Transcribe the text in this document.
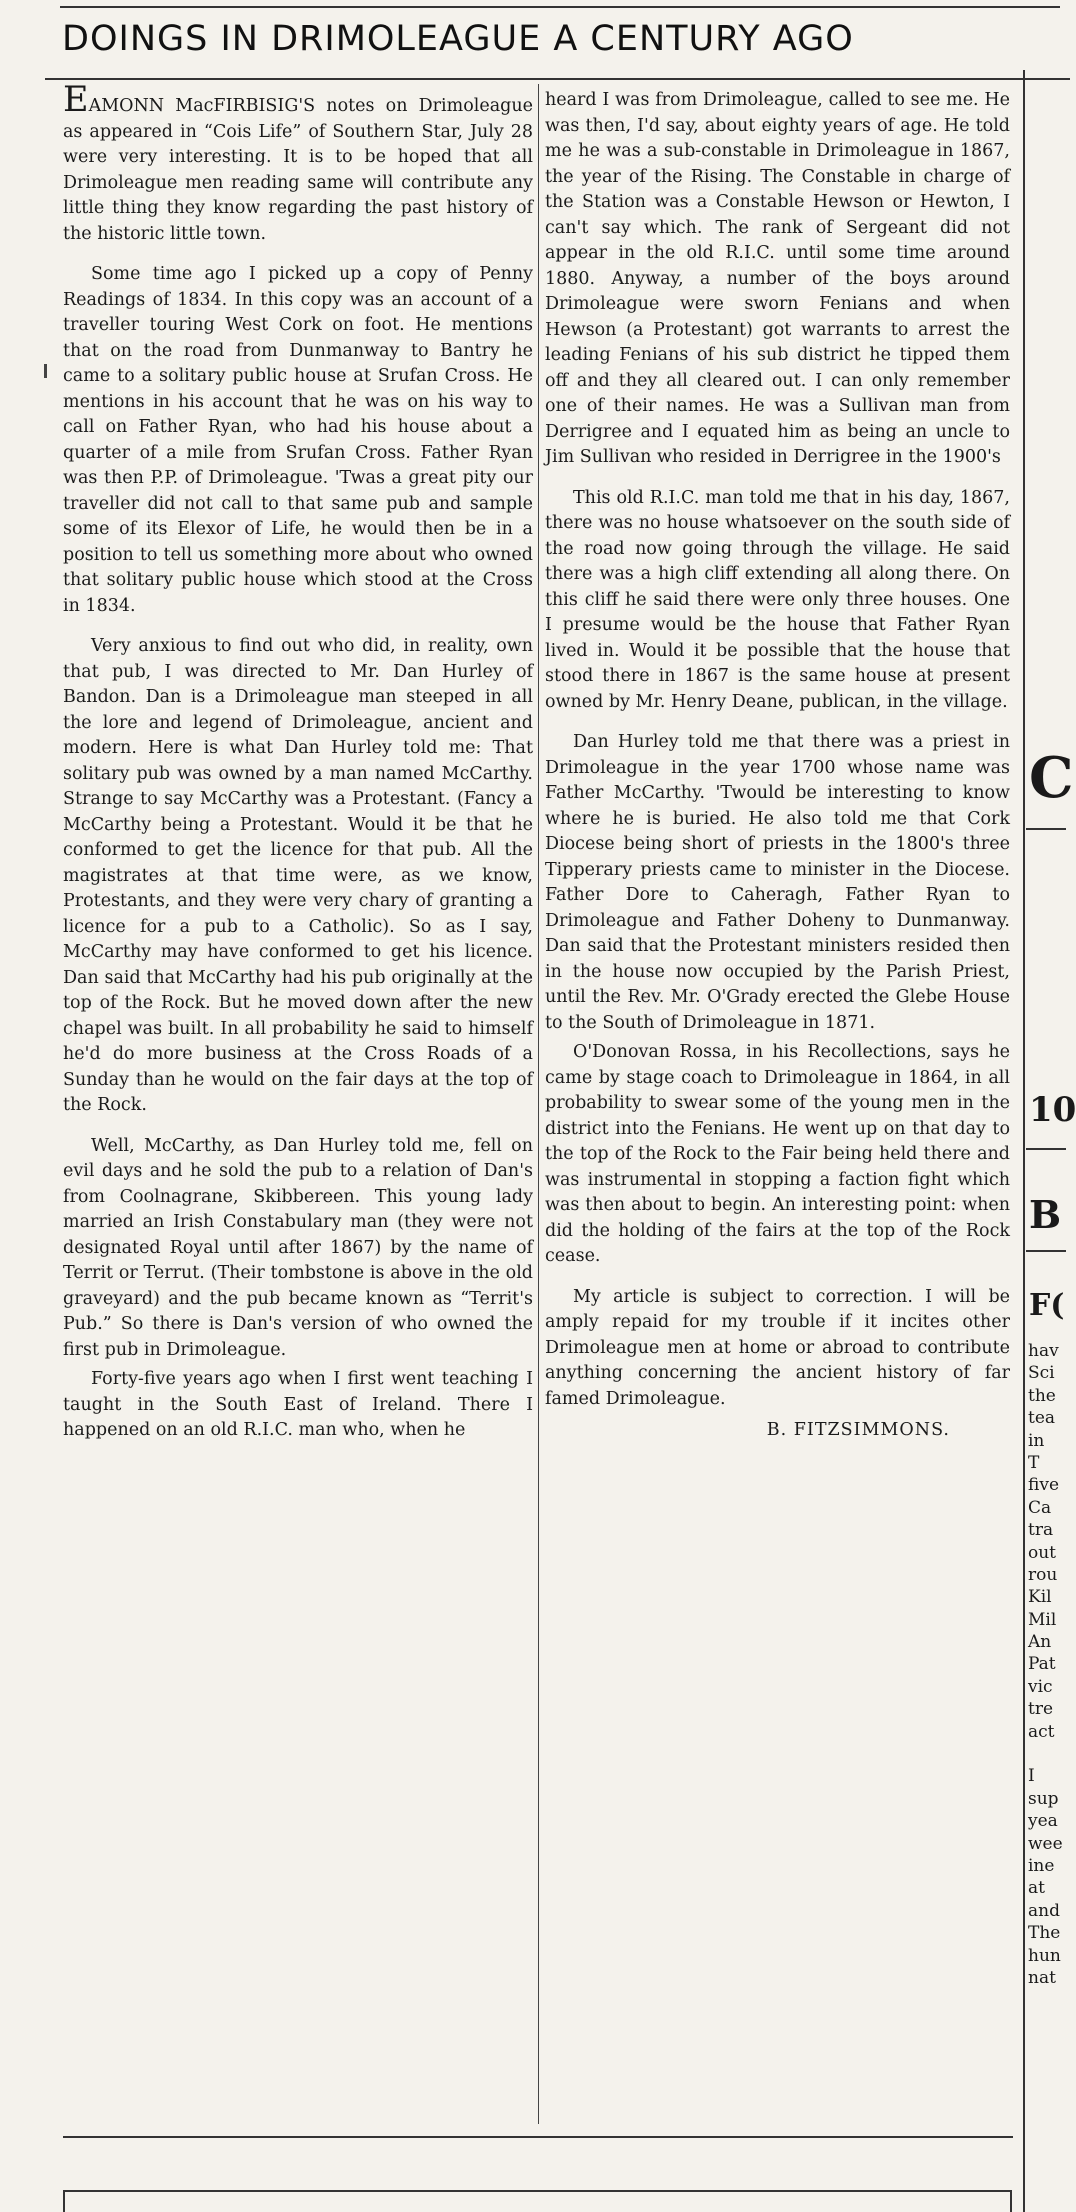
DOINGS IN DRIMOLEAGUE A CENTURY AGO

EAMONN MacFIRBISIG'S notes on Drimoleague as appeared in “Cois Life” of Southern Star, July 28 were very interesting. It is to be hoped that all Drimoleague men reading same will contribute any little thing they know regarding the past history of the historic little town.

Some time ago I picked up a copy of Penny Readings of 1834. In this copy was an account of a traveller touring West Cork on foot. He mentions that on the road from Dunmanway to Bantry he came to a solitary public house at Srufan Cross. He mentions in his account that he was on his way to call on Father Ryan, who had his house about a quarter of a mile from Srufan Cross. Father Ryan was then P.P. of Drimoleague. 'Twas a great pity our traveller did not call to that same pub and sample some of its Elexor of Life, he would then be in a position to tell us something more about who owned that solitary public house which stood at the Cross in 1834.

Very anxious to find out who did, in reality, own that pub, I was directed to Mr. Dan Hurley of Bandon. Dan is a Drimoleague man steeped in all the lore and legend of Drimoleague, ancient and modern. Here is what Dan Hurley told me: That solitary pub was owned by a man named McCarthy. Strange to say McCarthy was a Protestant. (Fancy a McCarthy being a Protestant. Would it be that he conformed to get the licence for that pub. All the magistrates at that time were, as we know, Protestants, and they were very chary of granting a licence for a pub to a Catholic). So as I say, McCarthy may have conformed to get his licence. Dan said that McCarthy had his pub originally at the top of the Rock. But he moved down after the new chapel was built. In all probability he said to himself he'd do more business at the Cross Roads of a Sunday than he would on the fair days at the top of the Rock.

Well, McCarthy, as Dan Hurley told me, fell on evil days and he sold the pub to a relation of Dan's from Coolnagrane, Skibbereen. This young lady married an Irish Constabulary man (they were not designated Royal until after 1867) by the name of Territ or Terrut. (Their tombstone is above in the old graveyard) and the pub became known as “Territ's Pub.” So there is Dan's version of who owned the first pub in Drimoleague.

Forty-five years ago when I first went teaching I taught in the South East of Ireland. There I happened on an old R.I.C. man who, when he

heard I was from Drimoleague, called to see me. He was then, I'd say, about eighty years of age. He told me he was a sub-constable in Drimoleague in 1867, the year of the Rising. The Constable in charge of the Station was a Constable Hewson or Hewton, I can't say which. The rank of Sergeant did not appear in the old R.I.C. until some time around 1880. Anyway, a number of the boys around Drimoleague were sworn Fenians and when Hewson (a Protestant) got warrants to arrest the leading Fenians of his sub district he tipped them off and they all cleared out. I can only remember one of their names. He was a Sullivan man from Derrigree and I equated him as being an uncle to Jim Sullivan who resided in Derrigree in the 1900's

This old R.I.C. man told me that in his day, 1867, there was no house whatsoever on the south side of the road now going through the village. He said there was a high cliff extending all along there. On this cliff he said there were only three houses. One I presume would be the house that Father Ryan lived in. Would it be possible that the house that stood there in 1867 is the same house at present owned by Mr. Henry Deane, publican, in the village.

Dan Hurley told me that there was a priest in Drimoleague in the year 1700 whose name was Father McCarthy. 'Twould be interesting to know where he is buried. He also told me that Cork Diocese being short of priests in the 1800's three Tipperary priests came to minister in the Diocese. Father Dore to Caheragh, Father Ryan to Drimoleague and Father Doheny to Dunmanway. Dan said that the Protestant ministers resided then in the house now occupied by the Parish Priest, until the Rev. Mr. O'Grady erected the Glebe House to the South of Drimoleague in 1871.

O'Donovan Rossa, in his Recollections, says he came by stage coach to Drimoleague in 1864, in all probability to swear some of the young men in the district into the Fenians. He went up on that day to the top of the Rock to the Fair being held there and was instrumental in stopping a faction fight which was then about to begin. An interesting point: when did the holding of the fairs at the top of the Rock cease.

My article is subject to correction. I will be amply repaid for my trouble if it incites other Drimoleague men at home or abroad to contribute anything concerning the ancient history of far famed Drimoleague.

B. FITZSIMMONS.
C
10
B
F(
hav
Sci
the
tea
in
T
five
Ca
tra
out
rou
Kil
Mil
An
Pat
vic
tre
act
I
sup
yea
wee
ine
at
and
The
hun
nat
